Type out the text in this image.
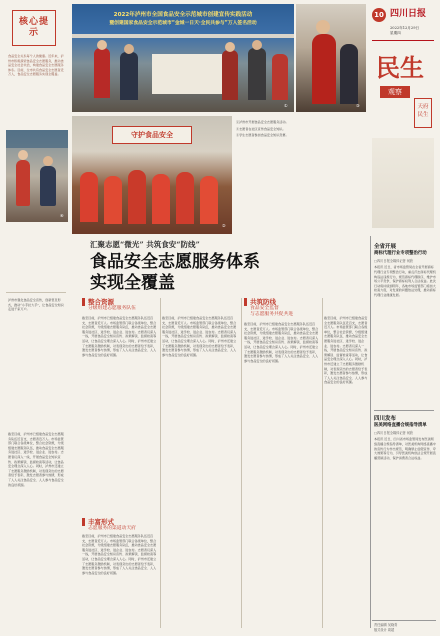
核心提示
食品安全关系每个人的健康。近年来，泸州市积极探索食品安全志愿服务，推动食品安全社会共治，构建食品安全志愿服务体系。目前，全市共有食品安全志愿者近万人，食品安全志愿服务实现全覆盖。
④
泸州市强化食品安全宣传，创新普及形式，推动“小手拉大手”，让食品安全知识走进千家万户。
截至目前，泸州市已组建食品安全志愿服务队伍近百支，志愿者近万人。市场监管部门联合各级单位，整合社会资源，分级组建志愿服务队伍，推动食品安全志愿服务进社区、进学校、进企业、进农村。志愿者们深入一线，开展食品安全知识宣传、政策解读、监督检查等活动，让食品安全理念深入人心。同时，泸州市还建立了志愿服务激励机制，对表现突出的志愿者给予表彰，激发志愿者参与热情，形成了人人关注食品安全、人人参与食品安全的良好氛围。
2022年泸州市全国食品安全示范城市创建宣传实践活动
暨创建国家食品安全示范城市“金城一日天·全民共参与”万人签名活动
①
守护食品安全
②
①泸州市开展食品安全志愿服务活动。
②志愿者在社区宣传食品安全知识。
③学生志愿者参加食品安全知识竞赛。
③
10 四川日报
2022年12月29日
星期四
民生
观察
天府
民生
汇聚志愿“微光” 共筑食安“防线”
食品安全志愿服务体系
实现全覆盖
整合资源
分级组建志愿服务队伍
截至目前，泸州市已组建食品安全志愿服务队伍近百支，志愿者近万人。市场监管部门联合各级单位，整合社会资源，分级组建志愿服务队伍，推动食品安全志愿服务进社区、进学校、进企业、进农村。志愿者们深入一线，开展食品安全知识宣传、政策解读、监督检查等活动，让食品安全理念深入人心。同时，泸州市还建立了志愿服务激励机制，对表现突出的志愿者给予表彰，激发志愿者参与热情，形成了人人关注食品安全、人人参与食品安全的良好氛围。
丰富形式
志愿服务的渠道动天府
截至目前，泸州市已组建食品安全志愿服务队伍近百支，志愿者近万人。市场监管部门联合各级单位，整合社会资源，分级组建志愿服务队伍，推动食品安全志愿服务进社区、进学校、进企业、进农村。志愿者们深入一线，开展食品安全知识宣传、政策解读、监督检查等活动，让食品安全理念深入人心。同时，泸州市还建立了志愿服务激励机制，对表现突出的志愿者给予表彰，激发志愿者参与热情，形成了人人关注食品安全、人人参与食品安全的良好氛围。
截至目前，泸州市已组建食品安全志愿服务队伍近百支，志愿者近万人。市场监管部门联合各级单位，整合社会资源，分级组建志愿服务队伍，推动食品安全志愿服务进社区、进学校、进企业、进农村。志愿者们深入一线，开展食品安全知识宣传、政策解读、监督检查等活动，让食品安全理念深入人心。同时，泸州市还建立了志愿服务激励机制，对表现突出的志愿者给予表彰，激发志愿者参与热情，形成了人人关注食品安全、人人参与食品安全的良好氛围。
共筑防线
食品安全监督
与志愿服务共促共进
截至目前，泸州市已组建食品安全志愿服务队伍近百支，志愿者近万人。市场监管部门联合各级单位，整合社会资源，分级组建志愿服务队伍，推动食品安全志愿服务进社区、进学校、进企业、进农村。志愿者们深入一线，开展食品安全知识宣传、政策解读、监督检查等活动，让食品安全理念深入人心。同时，泸州市还建立了志愿服务激励机制，对表现突出的志愿者给予表彰，激发志愿者参与热情，形成了人人关注食品安全、人人参与食品安全的良好氛围。
截至目前，泸州市已组建食品安全志愿服务队伍近百支，志愿者近万人。市场监管部门联合各级单位，整合社会资源，分级组建志愿服务队伍，推动食品安全志愿服务进社区、进学校、进企业、进农村。志愿者们深入一线，开展食品安全知识宣传、政策解读、监督检查等活动，让食品安全理念深入人心。同时，泸州市还建立了志愿服务激励机制，对表现突出的志愿者给予表彰，激发志愿者参与热情，形成了人人关注食品安全、人人参与食品安全的良好氛围。
全省开展
商标代理行业专项整治行动
□四川日报全媒体记者 何欣
本报讯 近日，省市场监管局在全省开展商标代理行业专项整治行动，重点打击商标代理机构违法违规行为，规范商标代理秩序，维护市场公平竞争，保护商标权利人合法权益。此次行动将持续到明年，各地市场监管部门将加大检查力度，对发现的问题依法处理，推动商标代理行业健康发展。
四川发布
医美网络直播合规指导清单
□四川日报全媒体记者 何欣
本报讯 近日，四川省市场监管局发布医美网络直播合规指导清单，对医美机构网络直播中的宣传行为作出规范，明确禁止虚假宣传、夸大效果等行为，引导医美机构依法合规开展直播营销活动，保护消费者合法权益。
责任编辑 吴晓青
版式设计 周超
